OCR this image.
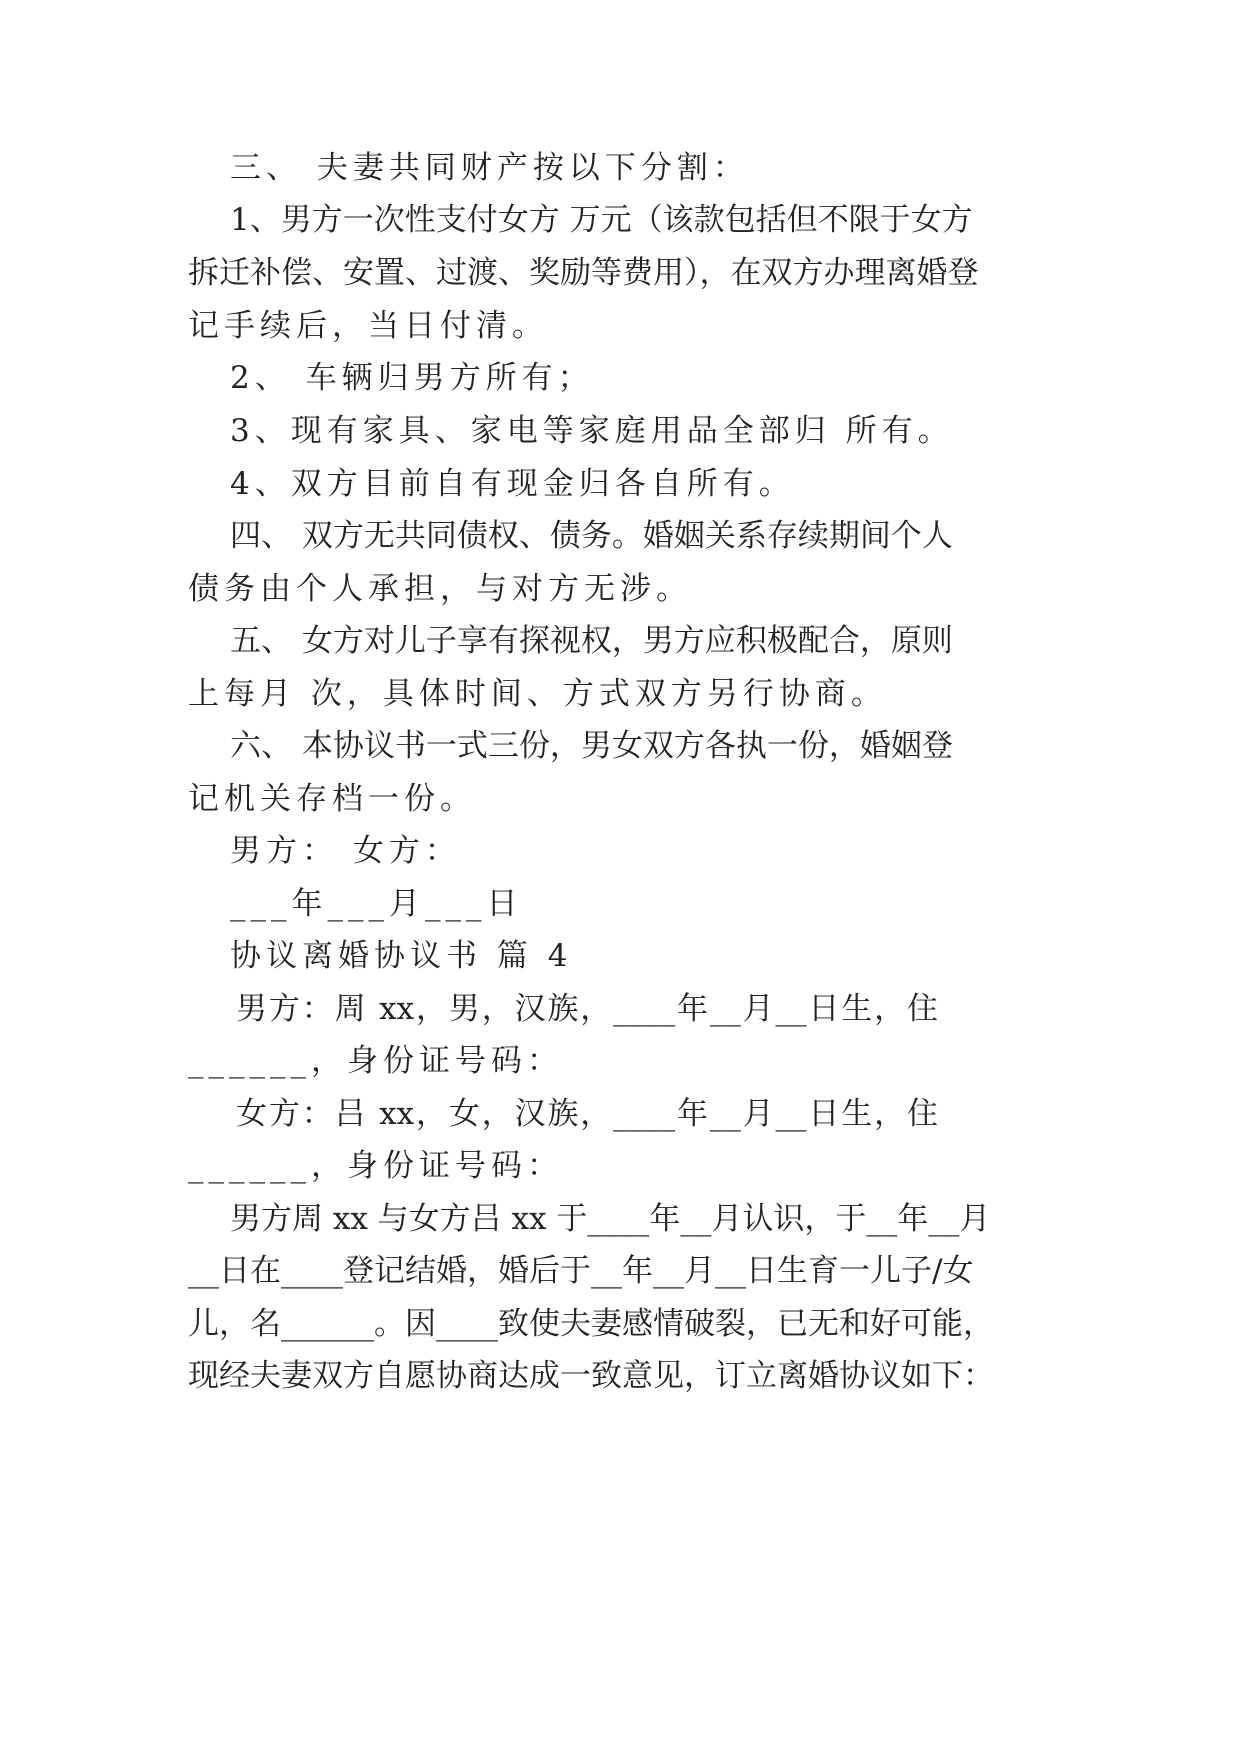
三、 夫妻共同财产按以下分割：
1、男方一次性支付女方 万元（该款包括但不限于女方
拆迁补偿、安置、过渡、奖励等费用），在双方办理离婚登
记手续后，当日付清。
2、 车辆归男方所有；
3、现有家具、家电等家庭用品全部归 所有。
4、双方目前自有现金归各自所有。
四、 双方无共同债权、债务。婚姻关系存续期间个人
债务由个人承担，与对方无涉。
五、 女方对儿子享有探视权，男方应积极配合，原则
上每月 次，具体时间、方式双方另行协商。
六、 本协议书一式三份，男女双方各执一份，婚姻登
记机关存档一份。
男方： 女方：
___年___月___日
协议离婚协议书 篇 4
男方：周 xx，男，汉族，____年__月__日生，住
______，身份证号码：
女方：吕 xx，女，汉族，____年__月__日生，住
______，身份证号码：
男方周 xx 与女方吕 xx 于____年__月认识，于__年__月
__日在____登记结婚，婚后于__年__月__日生育一儿子/女
儿，名______。因____致使夫妻感情破裂，已无和好可能，
现经夫妻双方自愿协商达成一致意见，订立离婚协议如下：
